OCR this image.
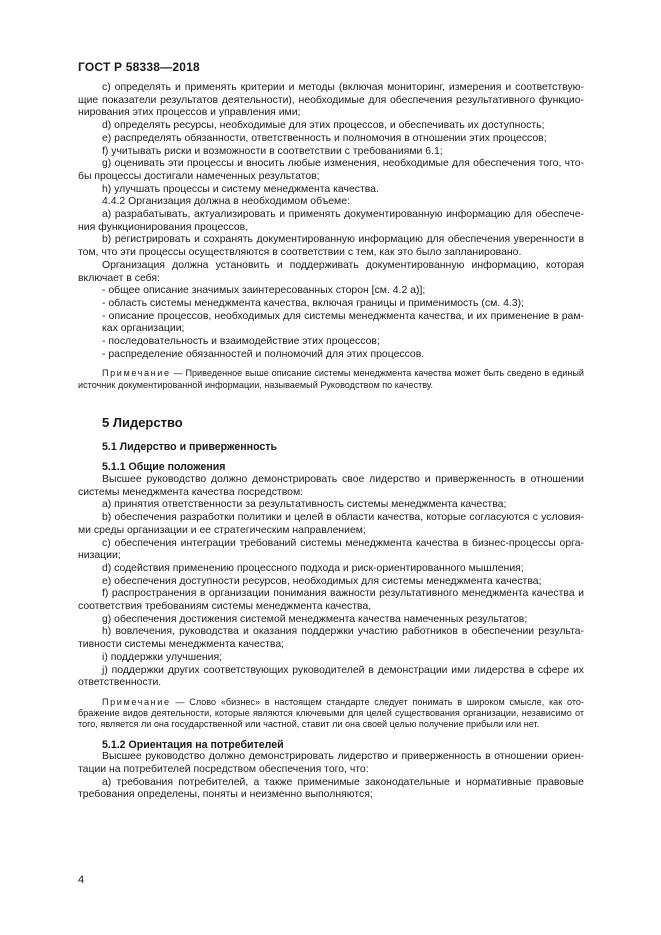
ГОСТ Р 58338—2018

с) определять и применять критерии и методы (включая мониторинг, измерения и соответствую-щие показатели результатов деятельности), необходимые для обеспечения результативного функцио-нирования этих процессов и управления ими;

d) определять ресурсы, необходимые для этих процессов, и обеспечивать их доступность;

е) распределять обязанности, ответственность и полномочия в отношении этих процессов;

f) учитывать риски и возможности в соответствии с требованиями 6.1;

g) оценивать эти процессы и вносить любые изменения, необходимые для обеспечения того, что-бы процессы достигали намеченных результатов;

h) улучшать процессы и систему менеджмента качества.

4.4.2 Организация должна в необходимом объеме:

а) разрабатывать, актуализировать и применять документированную информацию для обеспече-ния функционирования процессов,

b) регистрировать и сохранять документированную информацию для обеспечения уверенности в том, что эти процессы осуществляются в соответствии с тем, как это было запланировано.

Организация должна установить и поддерживать документированную информацию, которая включает в себя:

- общее описание значимых заинтересованных сторон [см. 4.2 а)];

- область системы менеджмента качества, включая границы и применимость (см. 4.3);

- описание процессов, необходимых для системы менеджмента качества, и их применение в рам-ках организации;

- последовательность и взаимодействие этих процессов;

- распределение обязанностей и полномочий для этих процессов.

Примечание — Приведенное выше описание системы менеджмента качества может быть сведено в единый источник документированной информации, называемый Руководством по качеству.

5 Лидерство
5.1 Лидерство и приверженность
5.1.1 Общие положения

Высшее руководство должно демонстрировать свое лидерство и приверженность в отношении системы менеджмента качества посредством:

а) принятия ответственности за результативность системы менеджмента качества;

b) обеспечения разработки политики и целей в области качества, которые согласуются с условия-ми среды организации и ее стратегическим направлением;

с) обеспечения интеграции требований системы менеджмента качества в бизнес-процессы орга-низации;

d) содействия применению процессного подхода и риск-ориентированного мышления;

е) обеспечения доступности ресурсов, необходимых для системы менеджмента качества;

f) распространения в организации понимания важности результативного менеджмента качества и соответствия требованиям системы менеджмента качества,

g) обеспечения достижения системой менеджмента качества намеченных результатов;

h) вовлечения, руководства и оказания поддержки участию работников в обеспечении результа-тивности системы менеджмента качества;

i) поддержки улучшения;

j) поддержки других соответствующих руководителей в демонстрации ими лидерства в сфере их ответственности.

Примечание — Слово «бизнес» в настоящем стандарте следует понимать в широком смысле, как ото-бражение видов деятельности, которые являются ключевыми для целей существования организации, независимо от того, является ли она государственной или частной, ставит ли она своей целью получение прибыли или нет.

5.1.2 Ориентация на потребителей

Высшее руководство должно демонстрировать лидерство и приверженность в отношении ориен-тации на потребителей посредством обеспечения того, что:

а) требования потребителей, а также применимые законодательные и нормативные правовые требования определены, поняты и неизменно выполняются;

4
